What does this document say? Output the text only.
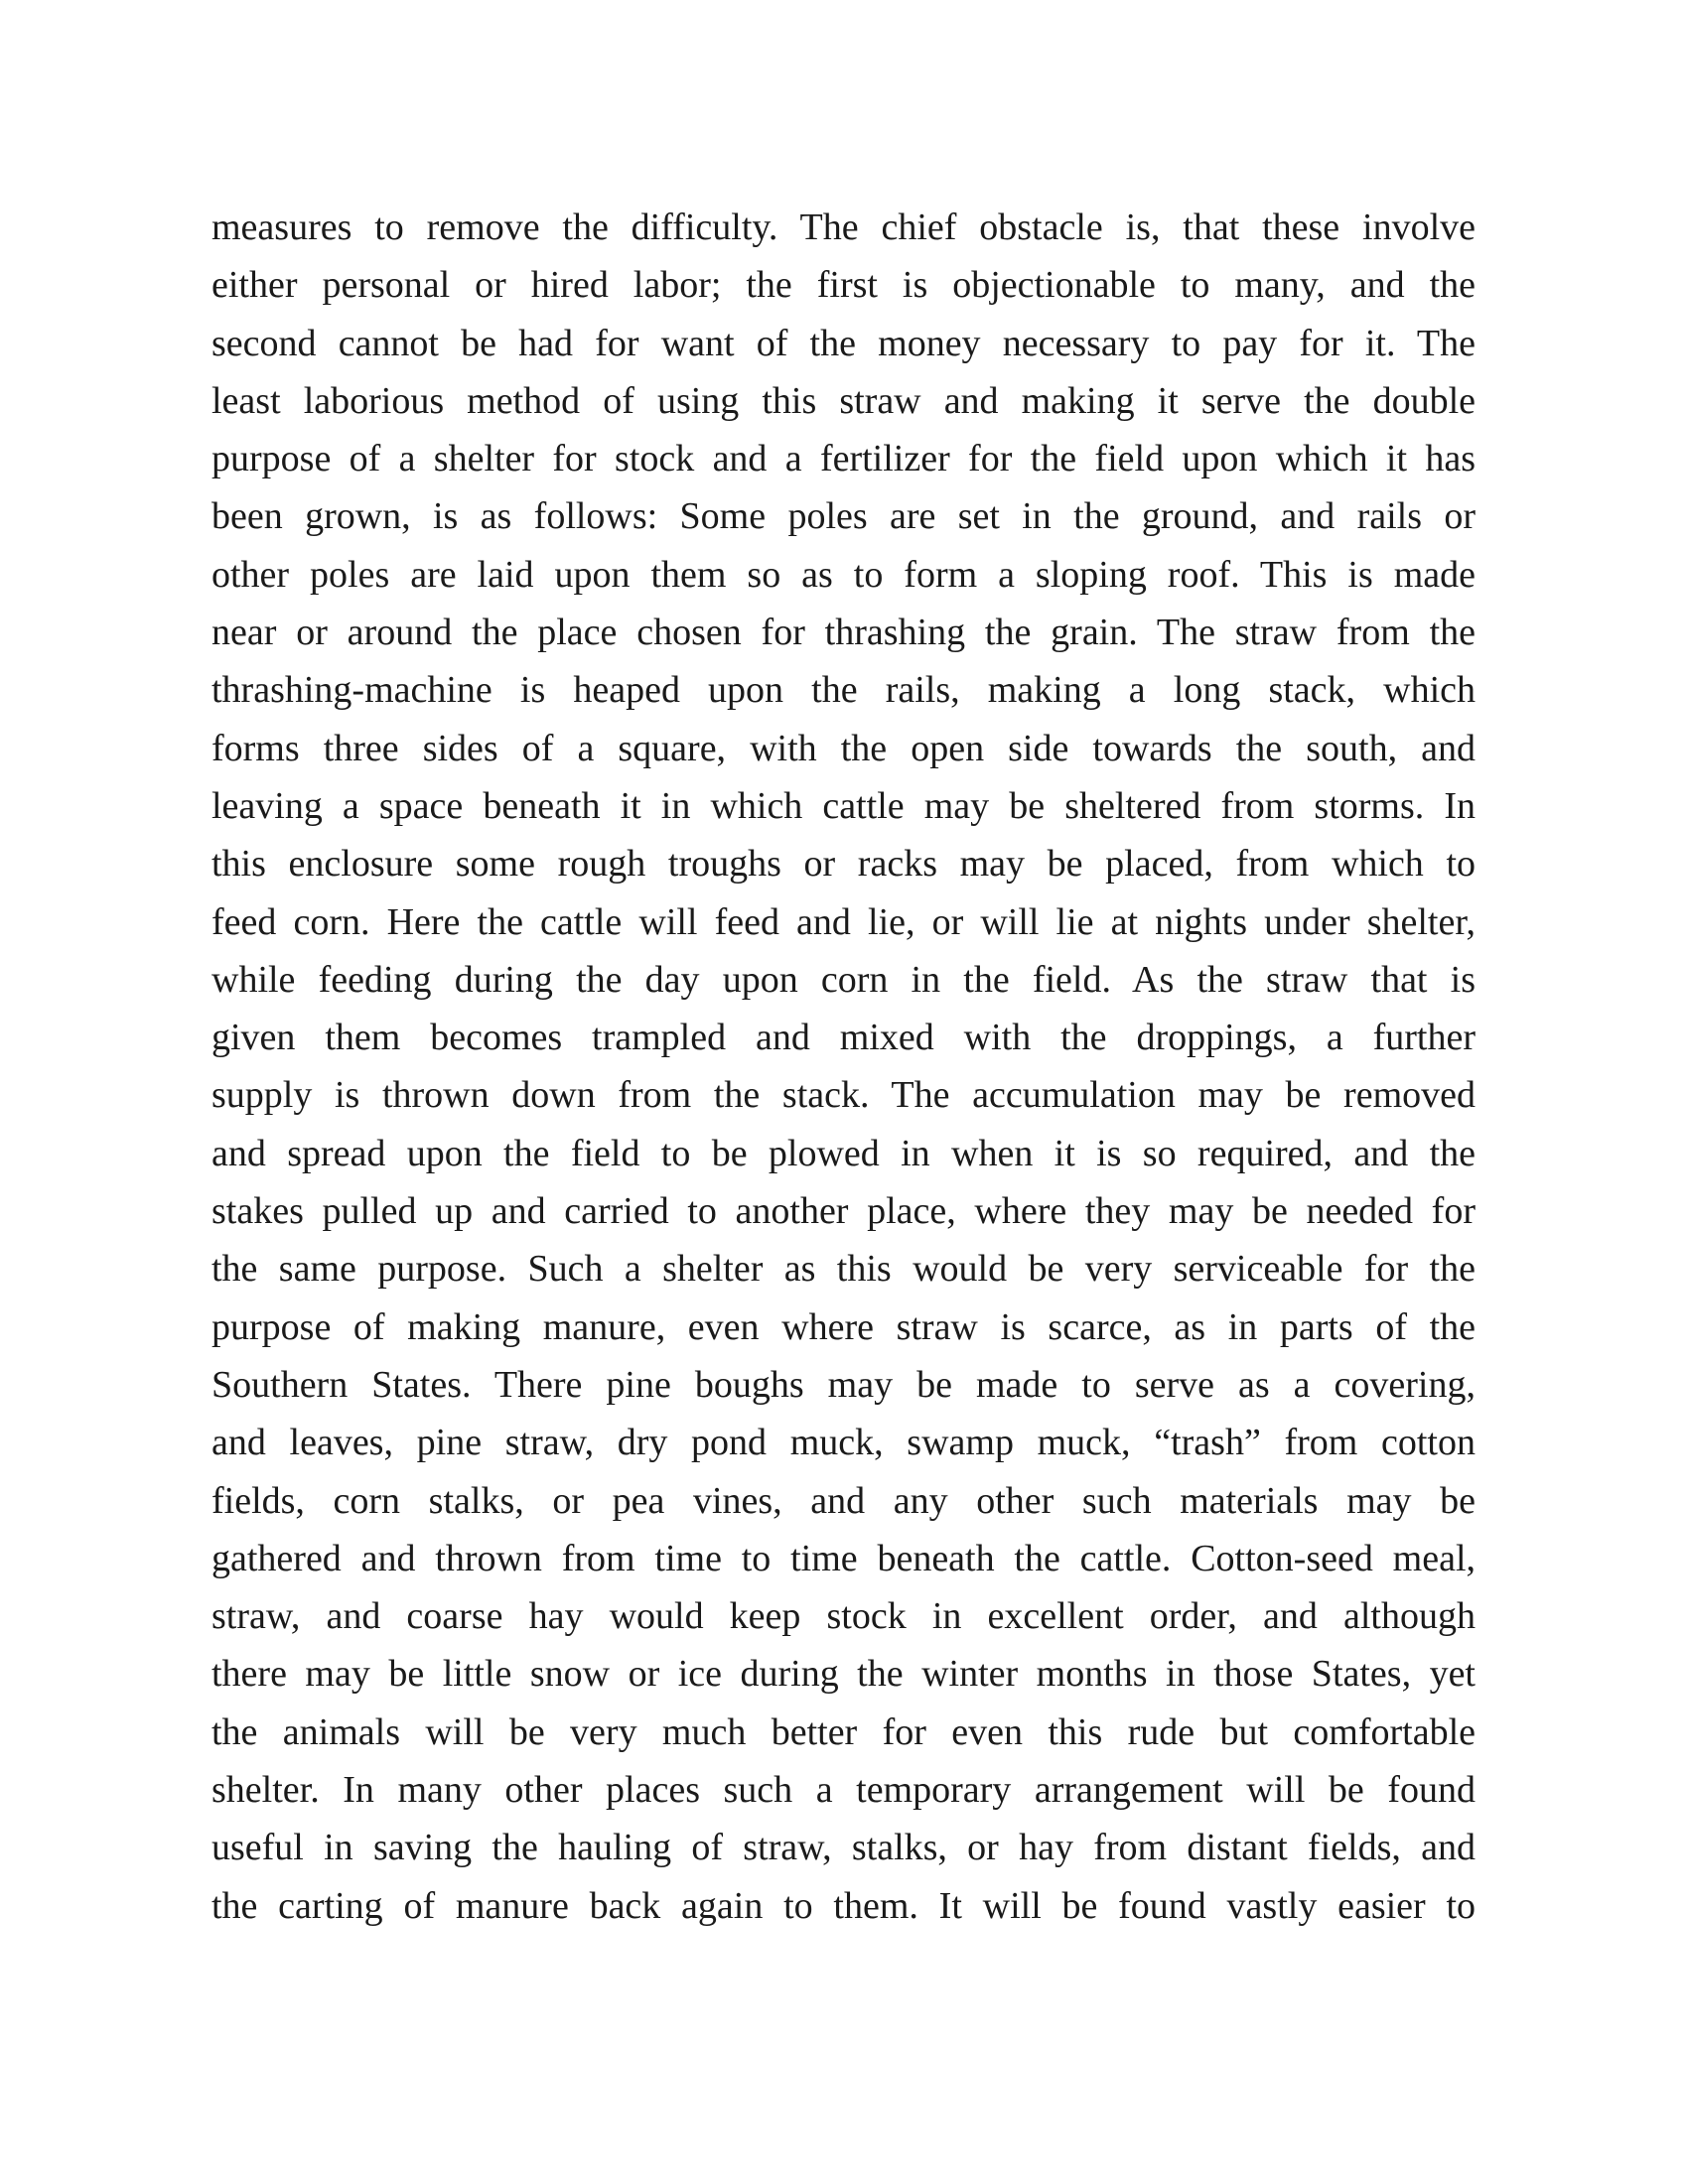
measures to remove the difficulty. The chief obstacle is, that these involve
either personal or hired labor; the first is objectionable to many, and the
second cannot be had for want of the money necessary to pay for it. The
least laborious method of using this straw and making it serve the double
purpose of a shelter for stock and a fertilizer for the field upon which it has
been grown, is as follows: Some poles are set in the ground, and rails or
other poles are laid upon them so as to form a sloping roof. This is made
near or around the place chosen for thrashing the grain. The straw from the
thrashing-machine is heaped upon the rails, making a long stack, which
forms three sides of a square, with the open side towards the south, and
leaving a space beneath it in which cattle may be sheltered from storms. In
this enclosure some rough troughs or racks may be placed, from which to
feed corn. Here the cattle will feed and lie, or will lie at nights under shelter,
while feeding during the day upon corn in the field. As the straw that is
given them becomes trampled and mixed with the droppings, a further
supply is thrown down from the stack. The accumulation may be removed
and spread upon the field to be plowed in when it is so required, and the
stakes pulled up and carried to another place, where they may be needed for
the same purpose. Such a shelter as this would be very serviceable for the
purpose of making manure, even where straw is scarce, as in parts of the
Southern States. There pine boughs may be made to serve as a covering,
and leaves, pine straw, dry pond muck, swamp muck, “trash” from cotton
fields, corn stalks, or pea vines, and any other such materials may be
gathered and thrown from time to time beneath the cattle. Cotton-seed meal,
straw, and coarse hay would keep stock in excellent order, and although
there may be little snow or ice during the winter months in those States, yet
the animals will be very much better for even this rude but comfortable
shelter. In many other places such a temporary arrangement will be found
useful in saving the hauling of straw, stalks, or hay from distant fields, and
the carting of manure back again to them. It will be found vastly easier to
